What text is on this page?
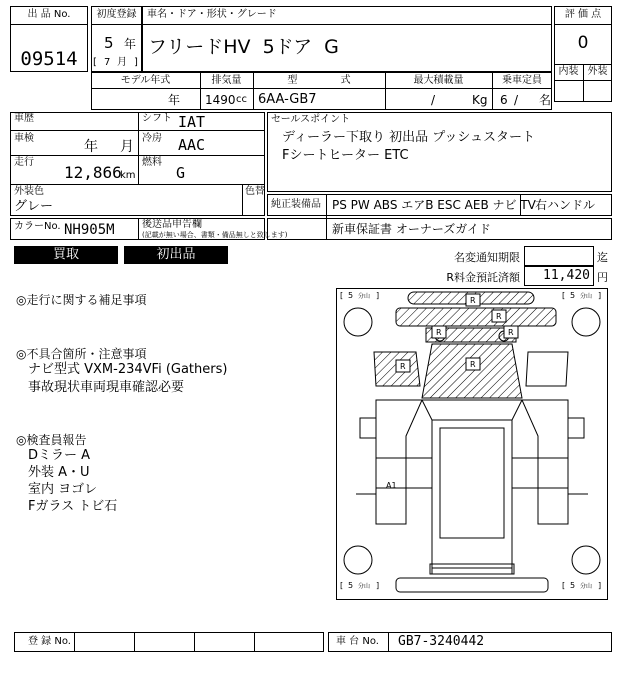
出 品 No.
09514
初度登録
5 年
[ 7 月 ]
車名・ドア・形状・グレード
フリードHV 5ドア G
評 価 点
0
内装 外装
モデル年式
年
排気量
1490 cc
型 式
6AA-GB7
最大積載量
/	Kg
乗車定員
6 / 名
車歴	シフト IAT
車検
年 月
冷房 AAC
走行
12,866
km
燃料
G
外装色
グレー
色替
カラーNo. NH905M	後送品申告欄
(記載が無い場合、書類・備品無しと致します)
セールスポイント
ディーラー下取り 初出品 プッシュスタート
Fシートヒーター ETC
純正装備品 PS PW ABS エアB ESC AEB ナビ TV 右ハンドル
新車保証書 オーナーズガイド
買取	初出品	名変通知期限	迄
R料金預託済額	11,420 円
◎走行に関する補足事項
◎不具合箇所・注意事項
ナビ型式 VXM-234VFi (Gathers)
事故現状車両現車確認必要
◎検査員報告
Dミラー A
外装 A・U
室内 ヨゴレ
Fガラス トビ石
[ 5 分山 ]	[ 5 分山 ]
[ 5 分山 ]	[ 5 分山 ]
R
R
R	R
R	R
A1
登 録 No.	車 台 No. GB7-3240442
